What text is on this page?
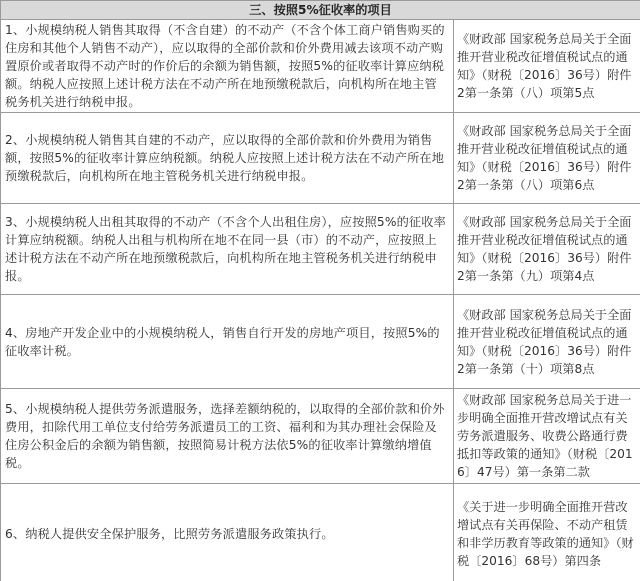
三、按照5%征收率的项目	
1、小规模纳税人销售其取得（不含自建）的不动产（不含个体工商户销售购买的住房和其他个人销售不动产），应以取得的全部价款和价外费用减去该项不动产购置原价或者取得不动产时的作价后的余额为销售额，按照5%的征收率计算应纳税额。纳税人应按照上述计税方法在不动产所在地预缴税款后，向机构所在地主管税务机关进行纳税申报。	《财政部 国家税务总局关于全面推开营业税改征增值税试点的通知》（财税〔2016〕36号）附件2第一条第（八）项第5点
2、小规模纳税人销售其自建的不动产，应以取得的全部价款和价外费用为销售额，按照5%的征收率计算应纳税额。纳税人应按照上述计税方法在不动产所在地预缴税款后，向机构所在地主管税务机关进行纳税申报。	《财政部 国家税务总局关于全面推开营业税改征增值税试点的通知》（财税〔2016〕36号）附件2第一条第（八）项第6点
3、小规模纳税人出租其取得的不动产（不含个人出租住房），应按照5%的征收率计算应纳税额。纳税人出租与机构所在地不在同一县（市）的不动产，应按照上述计税方法在不动产所在地预缴税款后，向机构所在地主管税务机关进行纳税申报。	《财政部 国家税务总局关于全面推开营业税改征增值税试点的通知》（财税〔2016〕36号）附件2第一条第（九）项第4点
4、房地产开发企业中的小规模纳税人，销售自行开发的房地产项目，按照5%的征收率计税。	《财政部 国家税务总局关于全面推开营业税改征增值税试点的通知》（财税〔2016〕36号）附件2第一条第（十）项第8点
5、小规模纳税人提供劳务派遣服务，选择差额纳税的，以取得的全部价款和价外费用，扣除代用工单位支付给劳务派遣员工的工资、福利和为其办理社会保险及住房公积金后的余额为销售额，按照简易计税方法依5%的征收率计算缴纳增值税。	《财政部 国家税务总局关于进一步明确全面推开营改增试点有关劳务派遣服务、收费公路通行费抵扣等政策的通知》（财税〔2016〕47号）第一条第二款
6、纳税人提供安全保护服务，比照劳务派遣服务政策执行。	《关于进一步明确全面推开营改增试点有关再保险、不动产租赁和非学历教育等政策的通知》（财税〔2016〕68号）第四条
